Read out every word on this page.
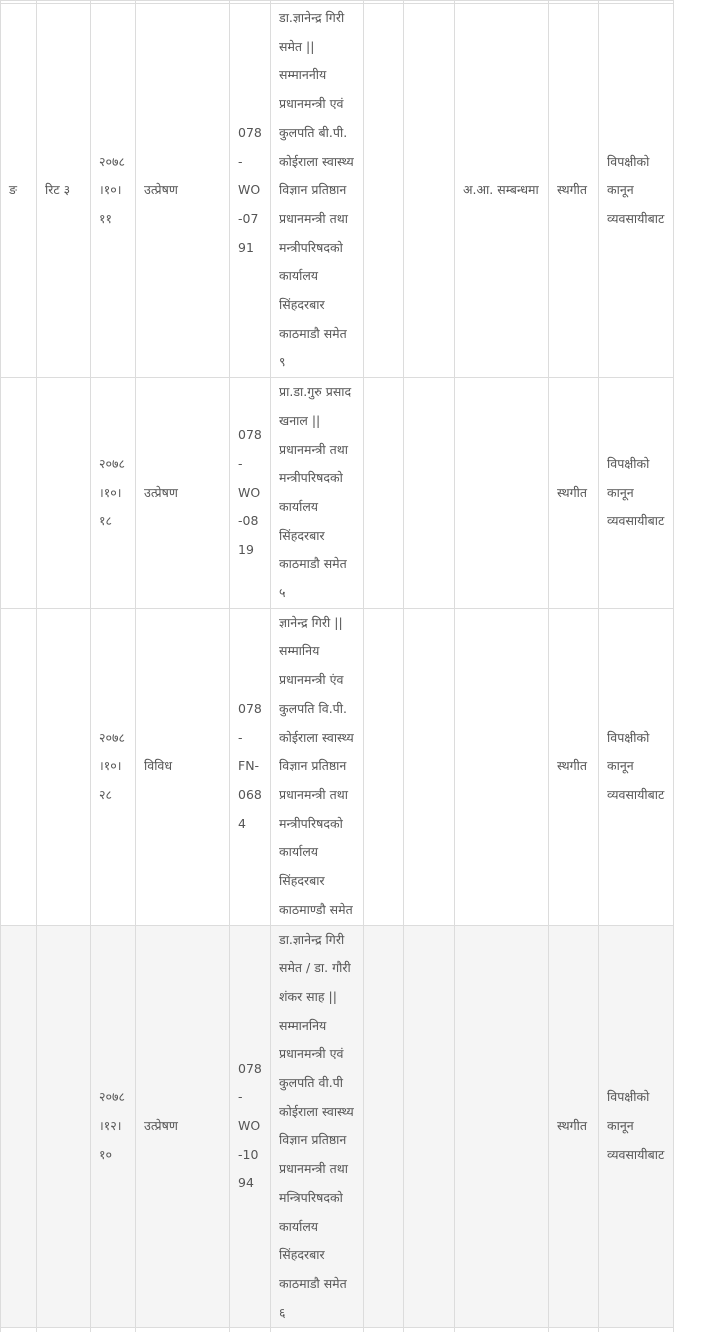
ङ	रिट ३	२०७८।१०।११	उत्प्रेषण	078-WO-0791	डा.ज्ञानेन्द्र गिरी समेत || सम्माननीय प्रधानमन्त्री एवं कुलपति बी.पी. कोईराला स्वास्थ्य विज्ञान प्रतिष्ठान प्रधानमन्त्री तथा मन्त्रीपरिषदको कार्यालय सिंहदरबार काठमाडौ समेत ९			अ.आ. सम्बन्धमा	स्थगीत	विपक्षीको कानून व्यवसायीबाट
		२०७८।१०।१८	उत्प्रेषण	078-WO-0819	प्रा.डा.गुरु प्रसाद खनाल || प्रधानमन्त्री तथा मन्त्रीपरिषदको कार्यालय सिंहदरबार काठमाडौ समेत ५				स्थगीत	विपक्षीको कानून व्यवसायीबाट
		२०७८।१०।२८	विविध	078-FN-0684	ज्ञानेन्द्र गिरी || सम्मानिय प्रधानमन्त्री एंव कुलपति वि.पी. कोईराला स्वास्थ्य विज्ञान प्रतिष्ठान प्रधानमन्त्री तथा मन्त्रीपरिषदको कार्यालय सिंहदरबार काठमाण्डौ समेत				स्थगीत	विपक्षीको कानून व्यवसायीबाट
		२०७८।१२।१०	उत्प्रेषण	078-WO-1094	डा.ज्ञानेन्द्र गिरी समेत / डा. गौरी शंकर साह || सम्माननिय प्रधानमन्त्री एवं कुलपति वी.पी कोईराला स्वास्थ्य विज्ञान प्रतिष्ठान प्रधानमन्त्री तथा मन्त्रिपरिषदको कार्यालय सिंहदरबार काठमाडौ समेत ६				स्थगीत	विपक्षीको कानून व्यवसायीबाट
